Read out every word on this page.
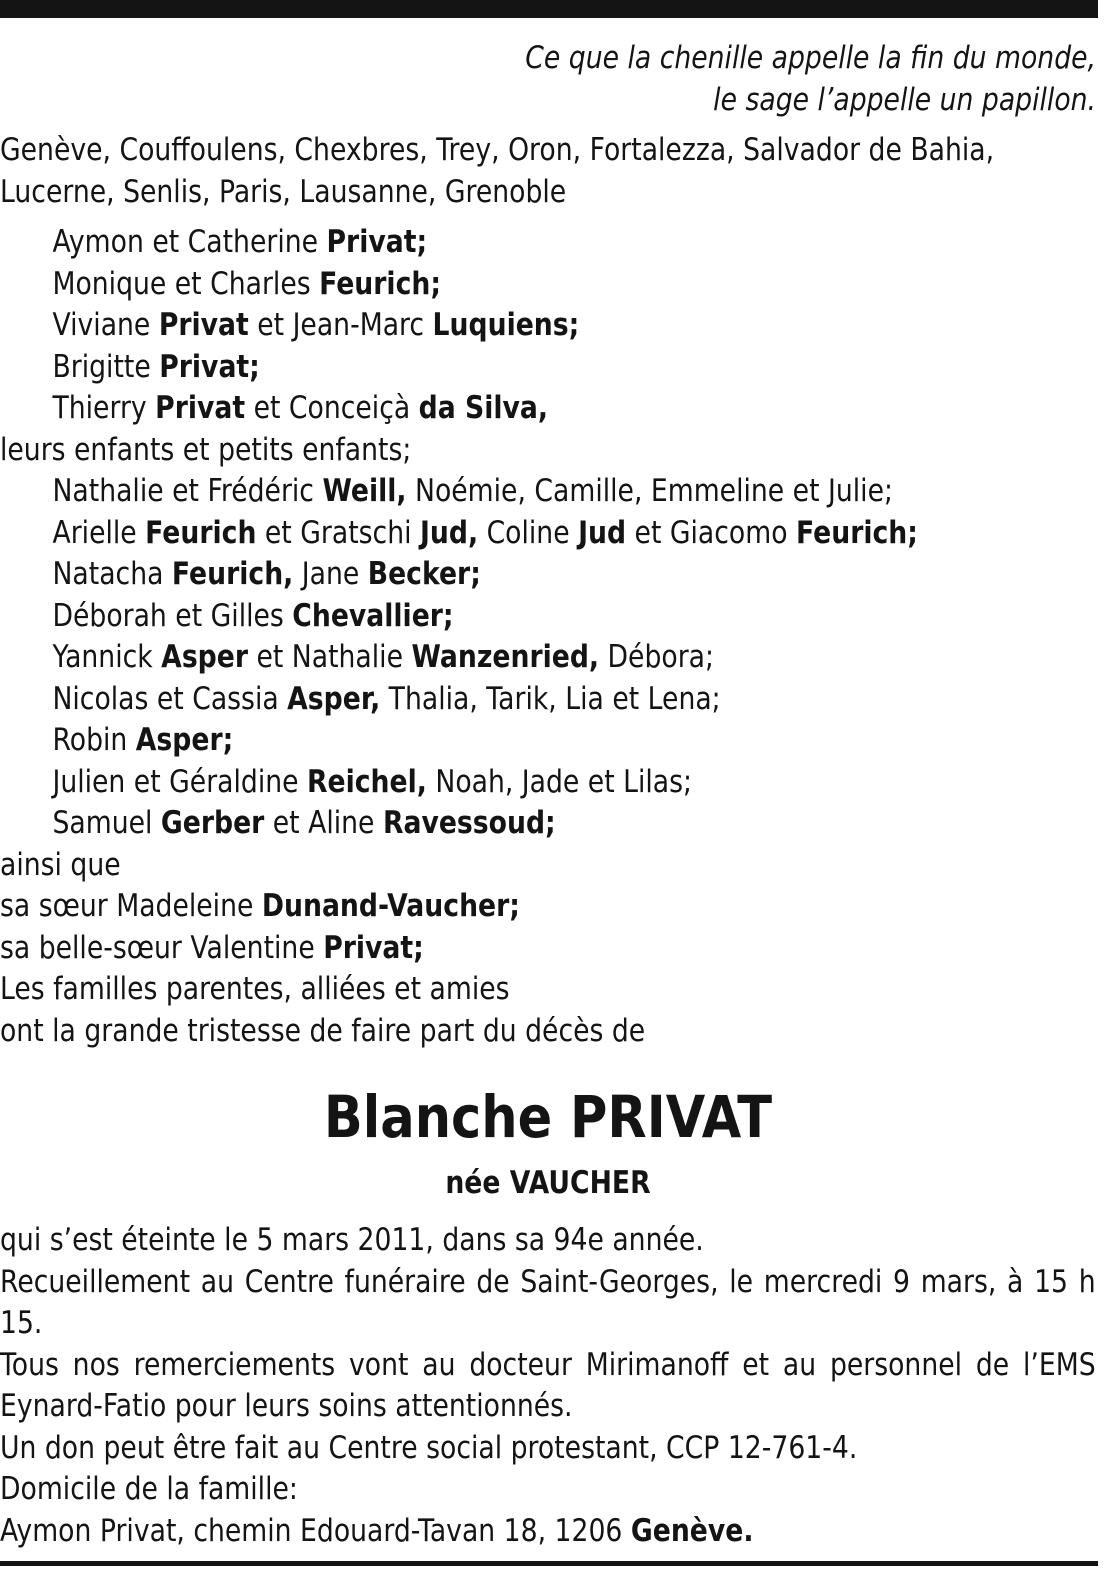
Ce que la chenille appelle la fin du monde,
le sage l’appelle un papillon.
Genève, Couffoulens, Chexbres, Trey, Oron, Fortalezza, Salvador de Bahia,
Lucerne, Senlis, Paris, Lausanne, Grenoble
Aymon et Catherine Privat;
Monique et Charles Feurich;
Viviane Privat et Jean-Marc Luquiens;
Brigitte Privat;
Thierry Privat et Conceiçà da Silva,
leurs enfants et petits enfants;
Nathalie et Frédéric Weill, Noémie, Camille, Emmeline et Julie;
Arielle Feurich et Gratschi Jud, Coline Jud et Giacomo Feurich;
Natacha Feurich, Jane Becker;
Déborah et Gilles Chevallier;
Yannick Asper et Nathalie Wanzenried, Débora;
Nicolas et Cassia Asper, Thalia, Tarik, Lia et Lena;
Robin Asper;
Julien et Géraldine Reichel, Noah, Jade et Lilas;
Samuel Gerber et Aline Ravessoud;
ainsi que
sa sœur Madeleine Dunand-Vaucher;
sa belle-sœur Valentine Privat;
Les familles parentes, alliées et amies
ont la grande tristesse de faire part du décès de
Blanche PRIVAT
née VAUCHER
qui s’est éteinte le 5 mars 2011, dans sa 94e année.
Recueillement au Centre funéraire de Saint-Georges, le mercredi 9 mars, à 15 h 15.
Tous nos remerciements vont au docteur Mirimanoff et au personnel de l’EMS Eynard-Fatio pour leurs soins attentionnés.
Un don peut être fait au Centre social protestant, CCP 12-761-4.
Domicile de la famille:
Aymon Privat, chemin Edouard-Tavan 18, 1206 Genève.
